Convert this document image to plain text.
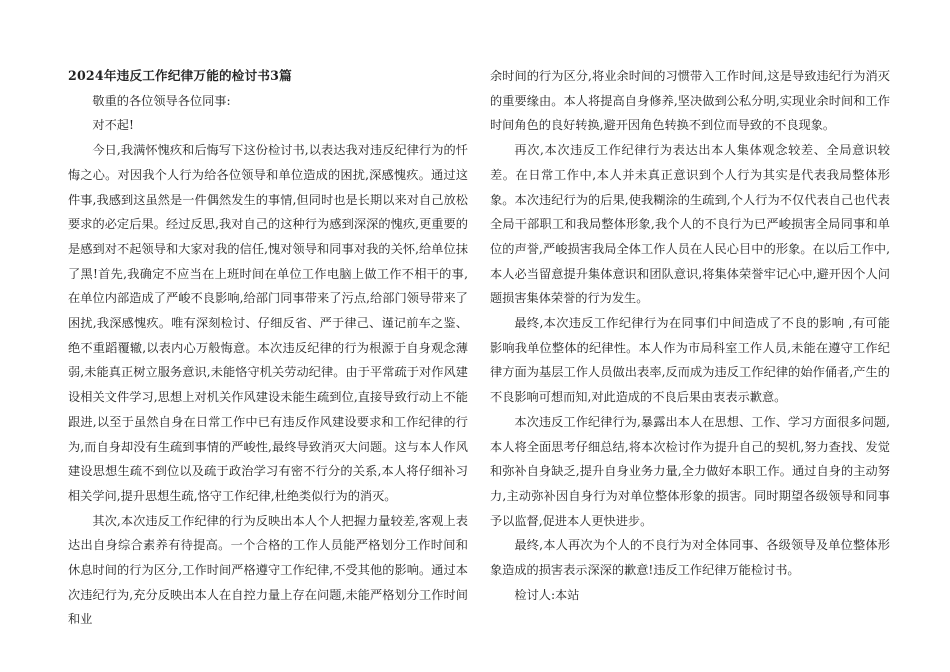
2024年违反工作纪律万能的检讨书3篇

敬重的各位领导各位同事:

对不起!

今日,我满怀愧疚和后悔写下这份检讨书,以表达我对违反纪律行为的忏悔之心。对因我个人行为给各位领导和单位造成的困扰,深感愧疚。通过这件事,我感到这虽然是一件偶然发生的事情,但同时也是长期以来对自己放松要求的必定后果。经过反思,我对自己的这种行为感到深深的愧疚,更重要的是感到对不起领导和大家对我的信任,愧对领导和同事对我的关怀,给单位抹了黑!首先,我确定不应当在上班时间在单位工作电脑上做工作不相干的事,在单位内部造成了严峻不良影响,给部门同事带来了污点,给部门领导带来了困扰,我深感愧疚。唯有深刻检讨、仔细反省、严于律己、谨记前车之鉴、绝不重蹈覆辙,以表内心万般悔意。本次违反纪律的行为根源于自身观念薄弱,未能真正树立服务意识,未能恪守机关劳动纪律。由于平常疏于对作风建设相关文件学习,思想上对机关作风建设未能生疏到位,直接导致行动上不能跟进,以至于虽然自身在日常工作中已有违反作风建设要求和工作纪律的行为,而自身却没有生疏到事情的严峻性,最终导致消灭大问题。这与本人作风建设思想生疏不到位以及疏于政治学习有密不行分的关系,本人将仔细补习相关学问,提升思想生疏,恪守工作纪律,杜绝类似行为的消灭。

其次,本次违反工作纪律的行为反映出本人个人把握力量较差,客观上表达出自身综合素养有待提高。一个合格的工作人员能严格划分工作时间和休息时间的行为区分,工作时间严格遵守工作纪律,不受其他的影响。通过本次违纪行为,充分反映出本人在自控力量上存在问题,未能严格划分工作时间和业

余时间的行为区分,将业余时间的习惯带入工作时间,这是导致违纪行为消灭的重要缘由。本人将提高自身修养,坚决做到公私分明,实现业余时间和工作时间角色的良好转换,避开因角色转换不到位而导致的不良现象。

再次,本次违反工作纪律行为表达出本人集体观念较差、全局意识较差。在日常工作中,本人并未真正意识到个人行为其实是代表我局整体形象。本次违纪行为的后果,使我糊涂的生疏到,个人行为不仅代表自己也代表全局干部职工和我局整体形象,我个人的不良行为已严峻损害全局同事和单位的声誉,严峻损害我局全体工作人员在人民心目中的形象。在以后工作中,本人必当留意提升集体意识和团队意识,将集体荣誉牢记心中,避开因个人问题损害集体荣誉的行为发生。

最终,本次违反工作纪律行为在同事们中间造成了不良的影响 ,有可能影响我单位整体的纪律性。本人作为市局科室工作人员,未能在遵守工作纪律方面为基层工作人员做出表率,反而成为违反工作纪律的始作俑者,产生的不良影响可想而知,对此造成的不良后果由衷表示歉意。

本次违反工作纪律行为,暴露出本人在思想、工作、学习方面很多问题,本人将全面思考仔细总结,将本次检讨作为提升自己的契机,努力查找、发觉和弥补自身缺乏,提升自身业务力量,全力做好本职工作。通过自身的主动努力,主动弥补因自身行为对单位整体形象的损害。同时期望各级领导和同事予以监督,促进本人更快进步。

最终,本人再次为个人的不良行为对全体同事、各级领导及单位整体形象造成的损害表示深深的歉意!违反工作纪律万能检讨书。

检讨人:本站
